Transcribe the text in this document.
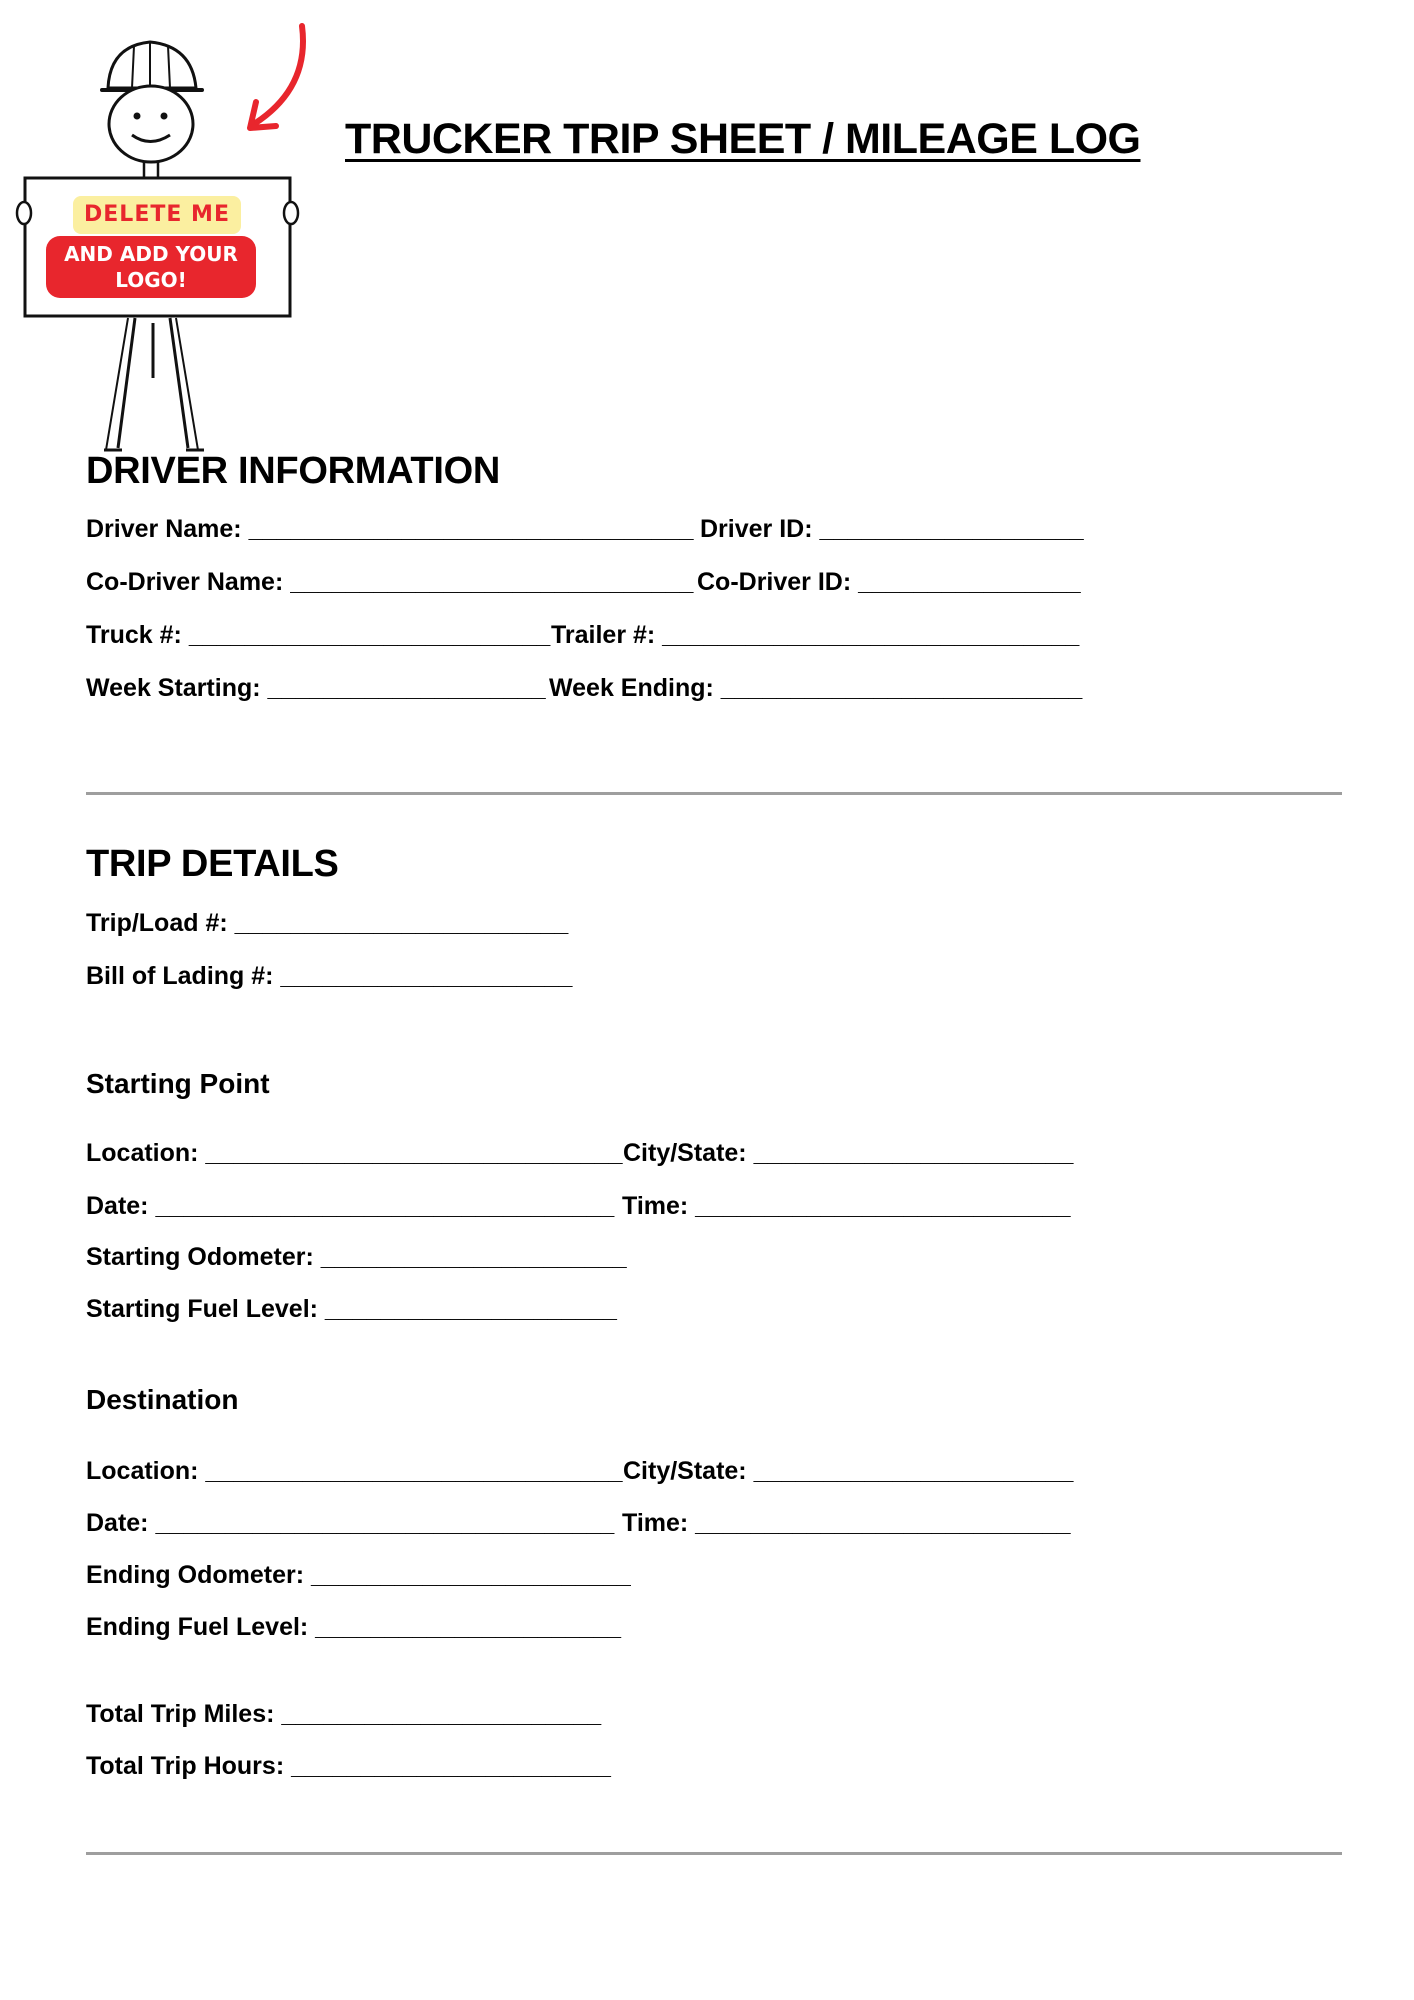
DELETE ME
AND ADD YOUR
LOGO!
TRUCKER TRIP SHEET / MILEAGE LOG
DRIVER INFORMATION
Driver Name: ________________________________ Driver ID: ___________________
Co-Driver Name: _____________________________ Co-Driver ID: ________________
Truck #: __________________________ Trailer #: ______________________________
Week Starting: ____________________ Week Ending: __________________________
TRIP DETAILS
Trip/Load #: ________________________
Bill of Lading #: _____________________
Starting Point
Location: ______________________________ City/State: _______________________
Date: _________________________________ Time: ___________________________
Starting Odometer: ______________________
Starting Fuel Level: _____________________
Destination
Location: ______________________________ City/State: _______________________
Date: _________________________________ Time: ___________________________
Ending Odometer: _______________________
Ending Fuel Level: ______________________
Total Trip Miles: _______________________
Total Trip Hours: _______________________
